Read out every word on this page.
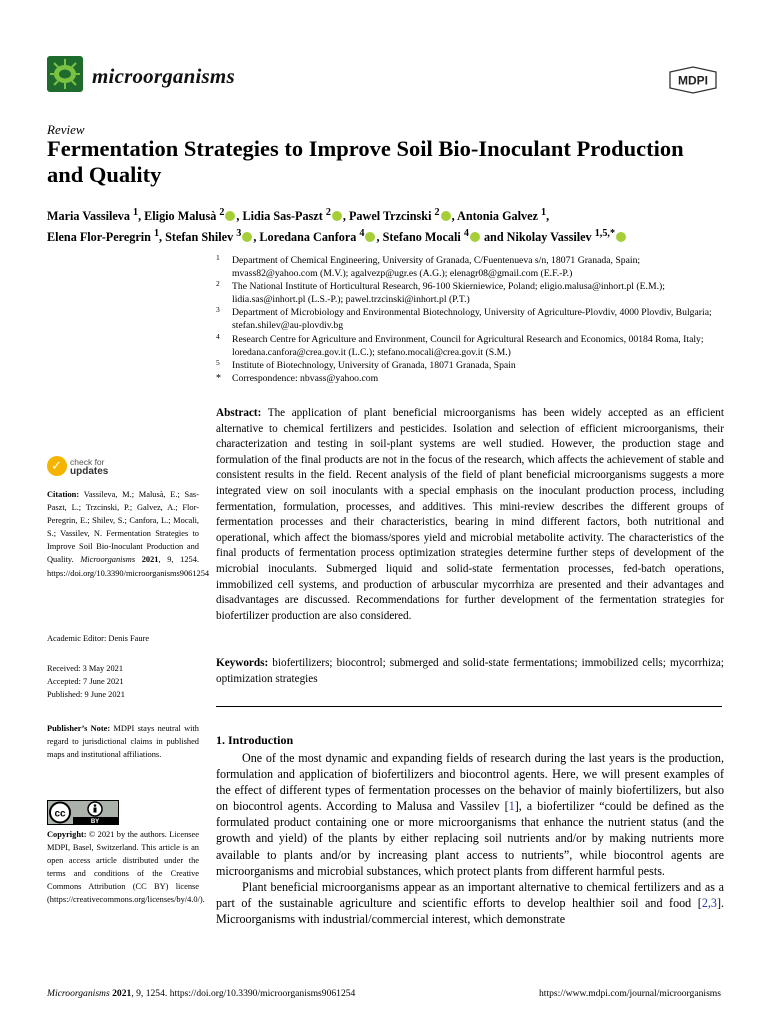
microorganisms	MDPI
Review
Fermentation Strategies to Improve Soil Bio-Inoculant Production and Quality
Maria Vassileva $^1$, Eligio Malusà $^2$ , Lidia Sas-Paszt $^2$ , Pawel Trzcinski $^2$ , Antonia Galvez $^1$,
Elena Flor-Peregrin $^1$, Stefan Shilev $^3$ , Loredana Canfora $^4$ , Stefano Mocali $^4$ and Nikolay Vassilev $^{1,5,*}$
1 Department of Chemical Engineering, University of Granada, C/Fuentenueva s/n, 18071 Granada, Spain; mvass82@yahoo.com (M.V.); agalvezp@ugr.es (A.G.); elenagr08@gmail.com (E.F.-P.)
2 The National Institute of Horticultural Research, 96-100 Skierniewice, Poland; eligio.malusa@inhort.pl (E.M.); lidia.sas@inhort.pl (L.S.-P.); pawel.trzcinski@inhort.pl (P.T.)
3 Department of Microbiology and Environmental Biotechnology, University of Agriculture-Plovdiv, 4000 Plovdiv, Bulgaria; stefan.shilev@au-plovdiv.bg
4 Research Centre for Agriculture and Environment, Council for Agricultural Research and Economics, 00184 Roma, Italy; loredana.canfora@crea.gov.it (L.C.); stefano.mocali@crea.gov.it (S.M.)
5 Institute of Biotechnology, University of Granada, 18071 Granada, Spain
* Correspondence: nbvass@yahoo.com
Abstract: The application of plant beneficial microorganisms has been widely accepted as an efficient alternative to chemical fertilizers and pesticides. Isolation and selection of efficient microorganisms, their characterization and testing in soil-plant systems are well studied. However, the production stage and formulation of the final products are not in the focus of the research, which affects the achievement of stable and consistent results in the field. Recent analysis of the field of plant beneficial microorganisms suggests a more integrated view on soil inoculants with a special emphasis on the inoculant production process, including fermentation, formulation, processes, and additives. This mini-review describes the different groups of fermentation processes and their characteristics, bearing in mind different factors, both nutritional and operational, which affect the biomass/spores yield and microbial metabolite activity. The characteristics of the final products of fermentation process optimization strategies determine further steps of development of the microbial inoculants. Submerged liquid and solid-state fermentation processes, fed-batch operations, immobilized cell systems, and production of arbuscular mycorrhiza are presented and their advantages and disadvantages are discussed. Recommendations for further development of the fermentation strategies for biofertilizer production are also considered.
Keywords: biofertilizers; biocontrol; submerged and solid-state fermentations; immobilized cells; mycorrhiza; optimization strategies
✓ check for
updates
Citation: Vassileva, M.; Malusà, E.; Sas-Paszt, L.; Trzcinski, P.; Galvez, A.; Flor-Peregrin, E.; Shilev, S.; Canfora, L.; Mocali, S.; Vassilev, N. Fermentation Strategies to Improve Soil Bio-Inoculant Production and Quality. Microorganisms 2021, 9, 1254. https://doi.org/10.3390/microorganisms9061254
Academic Editor: Denis Faure
Received: 3 May 2021
Accepted: 7 June 2021
Published: 9 June 2021
Publisher’s Note: MDPI stays neutral with regard to jurisdictional claims in published maps and institutional affiliations.
cc
BY
Copyright: © 2021 by the authors. Licensee MDPI, Basel, Switzerland. This article is an open access article distributed under the terms and conditions of the Creative Commons Attribution (CC BY) license (https://creativecommons.org/licenses/by/4.0/).
1. Introduction

One of the most dynamic and expanding fields of research during the last years is the production, formulation and application of biofertilizers and biocontrol agents. Here, we will present examples of the effect of different types of fermentation processes on the behavior of mainly biofertilizers, but also on biocontrol agents. According to Malusa and Vassilev [1], a biofertilizer “could be defined as the formulated product containing one or more microorganisms that enhance the nutrient status (and the growth and yield) of the plants by either replacing soil nutrients and/or by making nutrients more available to plants and/or by increasing plant access to nutrients”, while biocontrol agents are microorganisms and microbial substances, which protect plants from different harmful pests.

Plant beneficial microorganisms appear as an important alternative to chemical fertilizers and as a part of the sustainable agriculture and scientific efforts to develop healthier soil and food [2,3]. Microorganisms with industrial/commercial interest, which demonstrate

Microorganisms 2021, 9, 1254. https://doi.org/10.3390/microorganisms9061254	https://www.mdpi.com/journal/microorganisms
